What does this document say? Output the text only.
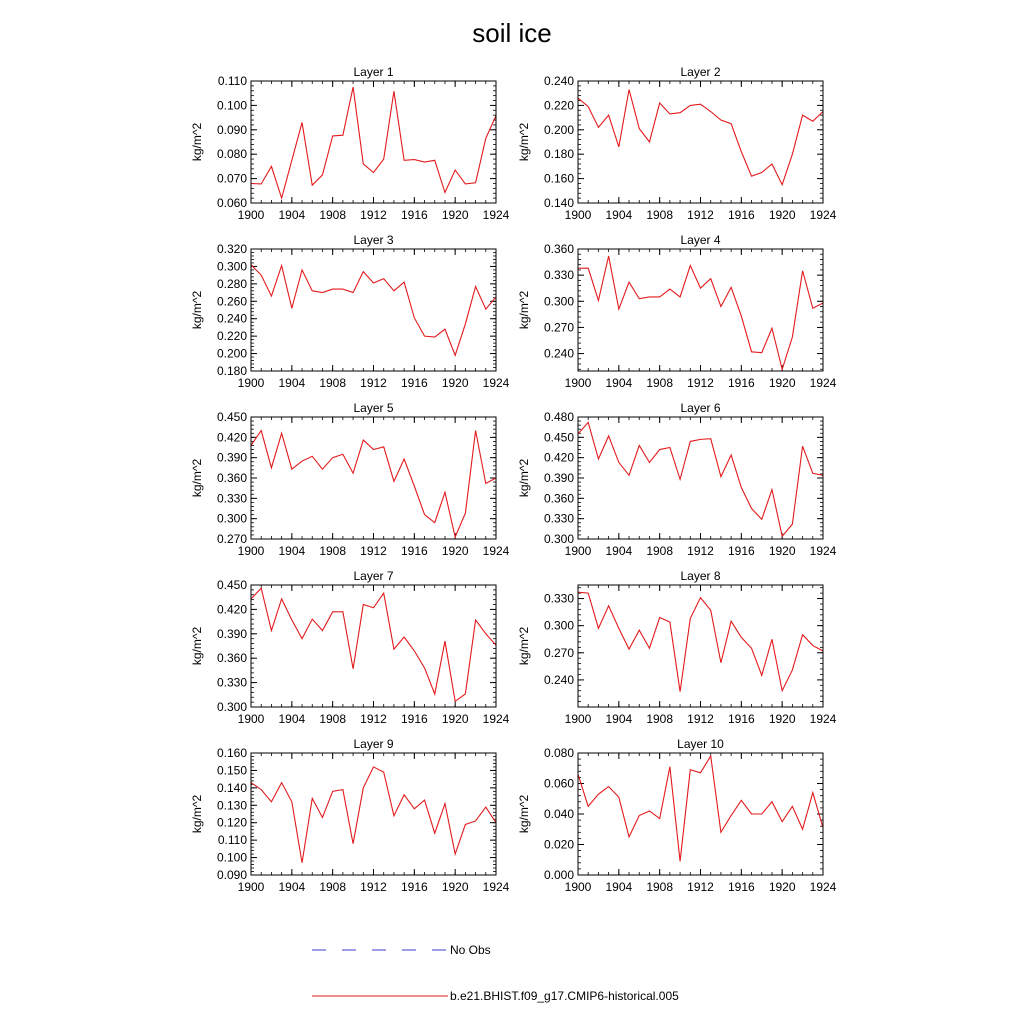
soil ice
Layer 1
kg/m^2
1900 1904 1908 1912 1916 1920 1924
0.060
0.070
0.080
0.090
0.100
0.110
Layer 2
kg/m^2
1900 1904 1908 1912 1916 1920 1924
0.140
0.160
0.180
0.200
0.220
0.240
Layer 3
kg/m^2
1900 1904 1908 1912 1916 1920 1924
0.180
0.200
0.220
0.240
0.260
0.280
0.300
0.320
Layer 4
kg/m^2
1900 1904 1908 1912 1916 1920 1924
0.240
0.270
0.300
0.330
0.360
Layer 5
kg/m^2
1900 1904 1908 1912 1916 1920 1924
0.270
0.300
0.330
0.360
0.390
0.420
0.450
Layer 6
kg/m^2
1900 1904 1908 1912 1916 1920 1924
0.300
0.330
0.360
0.390
0.420
0.450
0.480
Layer 7
kg/m^2
1900 1904 1908 1912 1916 1920 1924
0.300
0.330
0.360
0.390
0.420
0.450
Layer 8
kg/m^2
1900 1904 1908 1912 1916 1920 1924
0.240
0.270
0.300
0.330
Layer 9
kg/m^2
1900 1904 1908 1912 1916 1920 1924
0.090
0.100
0.110
0.120
0.130
0.140
0.150
0.160
Layer 10
kg/m^2
1900 1904 1908 1912 1916 1920 1924
0.000
0.020
0.040
0.060
0.080
No Obs
b.e21.BHIST.f09_g17.CMIP6-historical.005
